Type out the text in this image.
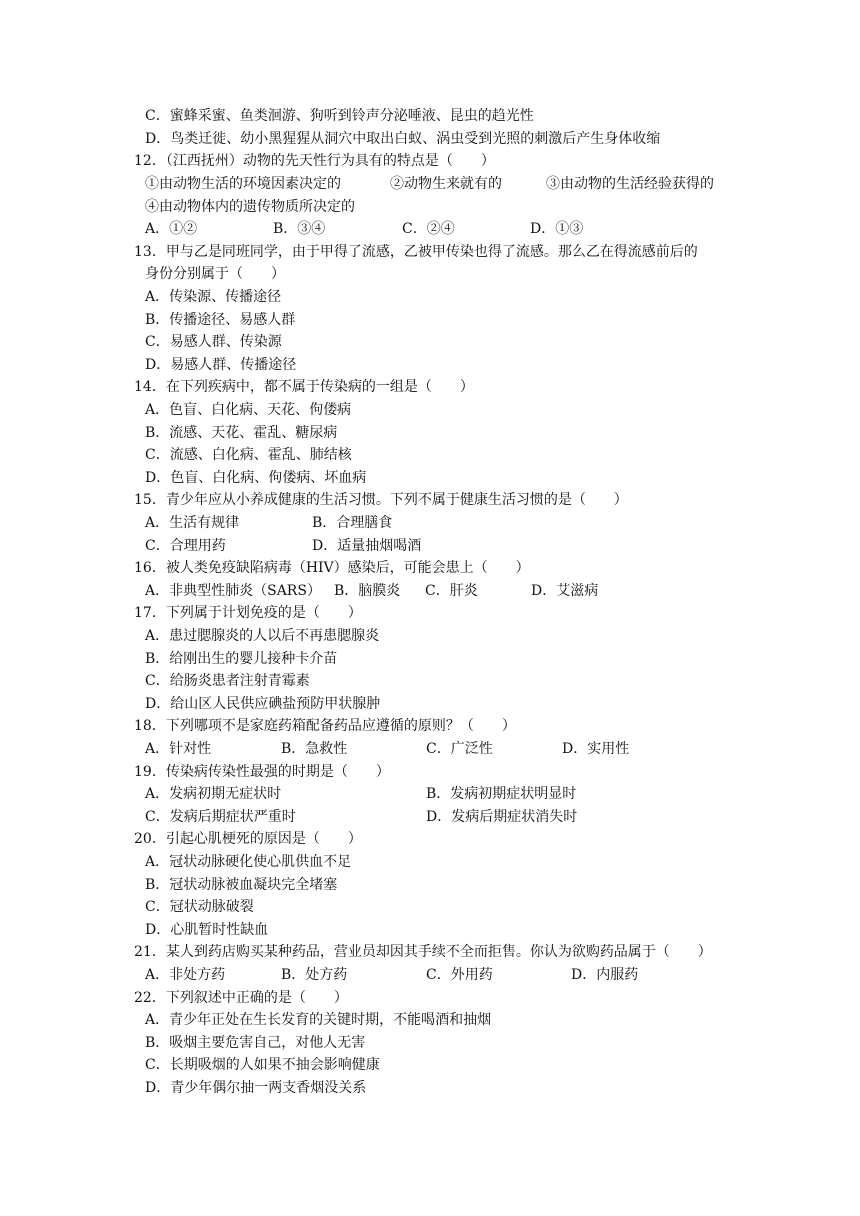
C．蜜蜂采蜜、鱼类洄游、狗听到铃声分泌唾液、昆虫的趋光性
D．鸟类迁徙、幼小黑猩猩从洞穴中取出白蚁、涡虫受到光照的刺激后产生身体收缩
12．（江西抚州）动物的先天性行为具有的特点是（　　）
①由动物生活的环境因素决定的	②动物生来就有的	③由动物的生活经验获得的
④由动物体内的遗传物质所决定的
A．①②	B．③④	C．②④	D．①③
13．甲与乙是同班同学，由于甲得了流感，乙被甲传染也得了流感。那么乙在得流感前后的
身份分别属于（　　）
A．传染源、传播途径
B．传播途径、易感人群
C．易感人群、传染源
D．易感人群、传播途径
14．在下列疾病中，都不属于传染病的一组是（　　）
A．色盲、白化病、天花、佝偻病
B．流感、天花、霍乱、糖尿病
C．流感、白化病、霍乱、肺结核
D．色盲、白化病、佝偻病、坏血病
15．青少年应从小养成健康的生活习惯。下列不属于健康生活习惯的是（　　）
A．生活有规律	B．合理膳食
C．合理用药	D．适量抽烟喝酒
16．被人类免疫缺陷病毒（HIV）感染后，可能会患上（　　）
A．非典型性肺炎（SARS） B．脑膜炎 C．肝炎	D．艾滋病
17．下列属于计划免疫的是（　　）
A．患过腮腺炎的人以后不再患腮腺炎
B．给刚出生的婴儿接种卡介苗
C．给肠炎患者注射青霉素
D．给山区人民供应碘盐预防甲状腺肿
18．下列哪项不是家庭药箱配备药品应遵循的原则？（　　）
A．针对性	B．急救性	C．广泛性	D．实用性
19．传染病传染性最强的时期是（　　）
A．发病初期无症状时	B．发病初期症状明显时
C．发病后期症状严重时	D．发病后期症状消失时
20．引起心肌梗死的原因是（　　）
A．冠状动脉硬化使心肌供血不足
B．冠状动脉被血凝块完全堵塞
C．冠状动脉破裂
D．心肌暂时性缺血
21．某人到药店购买某种药品，营业员却因其手续不全而拒售。你认为欲购药品属于（　　）
A．非处方药	B．处方药	C．外用药	D．内服药
22．下列叙述中正确的是（　　）
A．青少年正处在生长发育的关键时期，不能喝酒和抽烟
B．吸烟主要危害自己，对他人无害
C．长期吸烟的人如果不抽会影响健康
D．青少年偶尔抽一两支香烟没关系
